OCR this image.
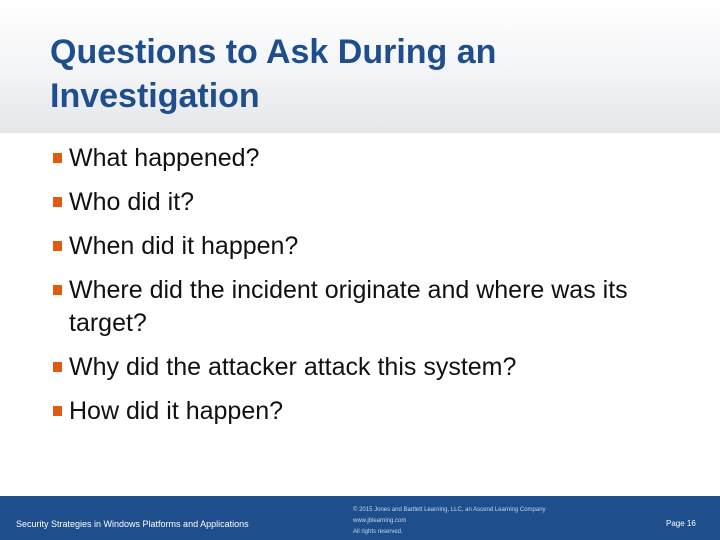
Questions to Ask During an Investigation
What happened?
Who did it?
When did it happen?
Where did the incident originate and where was its target?
Why did the attacker attack this system?
How did it happen?
Security Strategies in Windows Platforms and Applications
© 2015 Jones and Bartlett Learning, LLC, an Ascend Learning Company
www.jblearning.com
All rights reserved.
Page 16
